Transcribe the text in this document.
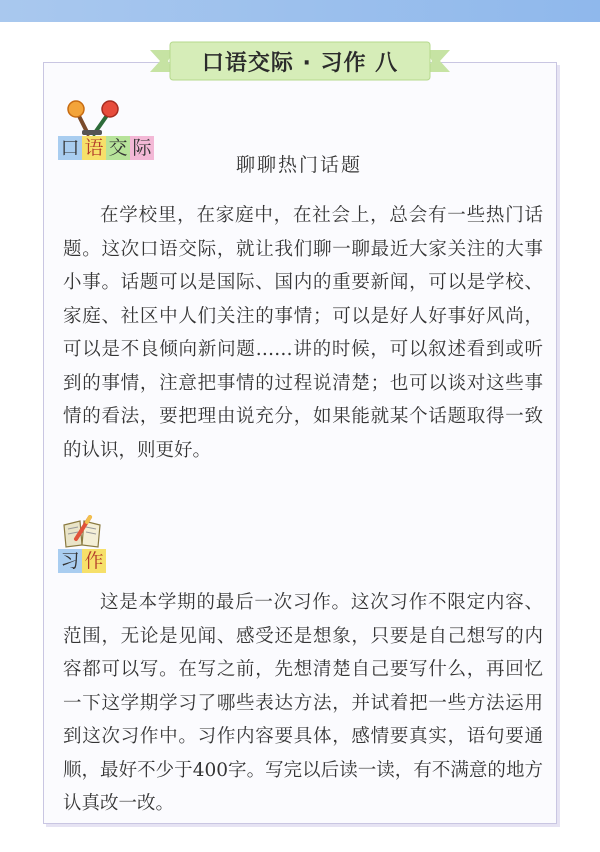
口语交际 · 习作 八
口 语 交 际
聊聊热门话题

在学校里，在家庭中，在社会上，总会有一些热门话题。这次口语交际，就让我们聊一聊最近大家关注的大事小事。话题可以是国际、国内的重要新闻，可以是学校、家庭、社区中人们关注的事情；可以是好人好事好风尚，可以是不良倾向新问题……讲的时候，可以叙述看到或听到的事情，注意把事情的过程说清楚；也可以谈对这些事情的看法，要把理由说充分，如果能就某个话题取得一致的认识，则更好。

习 作

这是本学期的最后一次习作。这次习作不限定内容、范围，无论是见闻、感受还是想象，只要是自己想写的内容都可以写。在写之前，先想清楚自己要写什么，再回忆一下这学期学习了哪些表达方法，并试着把一些方法运用到这次习作中。习作内容要具体，感情要真实，语句要通顺，最好不少于400字。写完以后读一读，有不满意的地方认真改一改。
